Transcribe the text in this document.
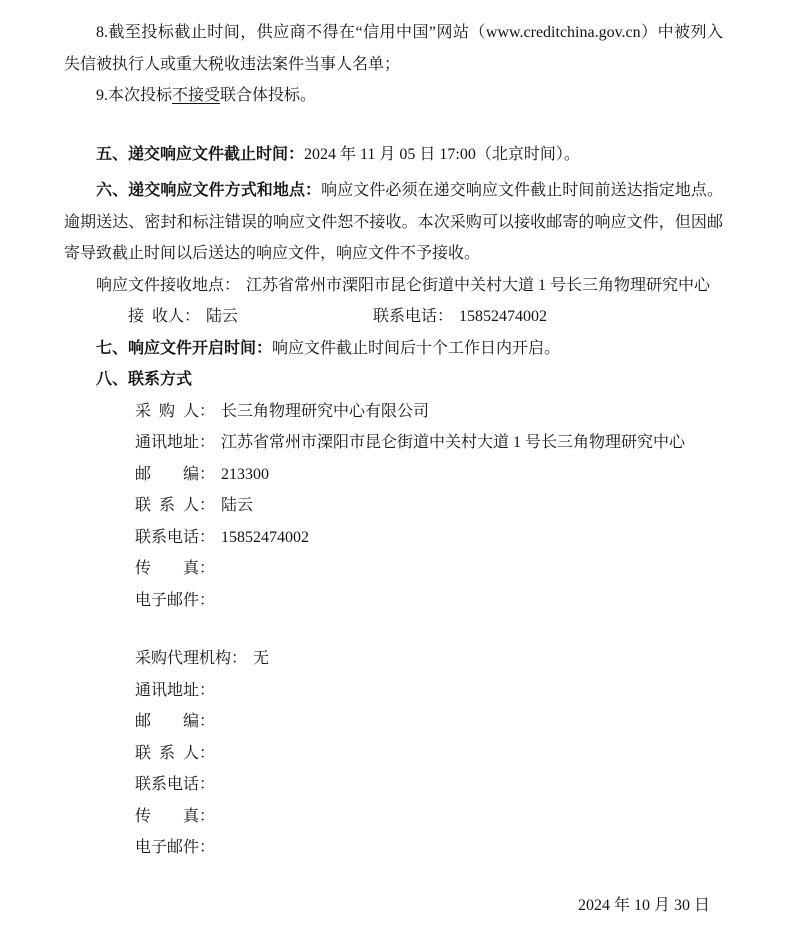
8.截至投标截止时间，供应商不得在“信用中国”网站（www.creditchina.gov.cn）中被列入失信被执行人或重大税收违法案件当事人名单；

9.本次投标不接受联合体投标。

五、递交响应文件截止时间：2024 年 11 月 05 日 17:00（北京时间）。

六、递交响应文件方式和地点：响应文件必须在递交响应文件截止时间前送达指定地点。逾期送达、密封和标注错误的响应文件恕不接收。本次采购可以接收邮寄的响应文件，但因邮寄导致截止时间以后送达的响应文件，响应文件不予接收。

响应文件接收地点： 江苏省常州市溧阳市昆仑街道中关村大道 1 号长三角物理研究中心

接 收人： 陆云	联系电话： 15852474002

七、响应文件开启时间：响应文件截止时间后十个工作日内开启。

八、联系方式

采 购 人： 长三角物理研究中心有限公司

通讯地址： 江苏省常州市溧阳市昆仑街道中关村大道 1 号长三角物理研究中心

邮    编： 213300

联 系 人： 陆云

联系电话： 15852474002

传    真：

电子邮件：

采购代理机构： 无

通讯地址：

邮    编：

联 系 人：

联系电话：

传    真：

电子邮件：

2024 年 10 月 30 日
